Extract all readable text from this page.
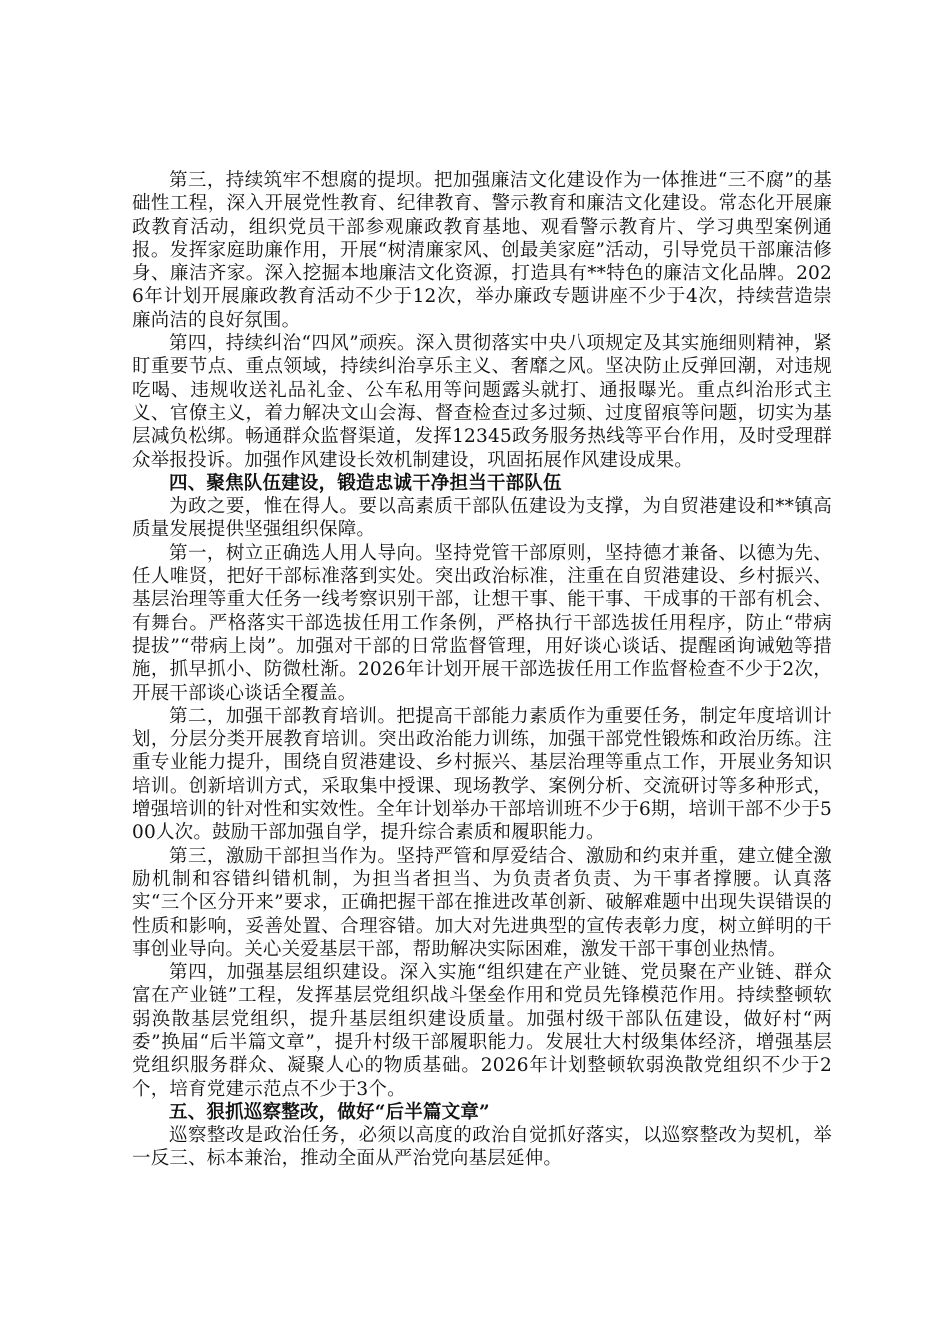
第三，持续筑牢不想腐的提坝。把加强廉洁文化建设作为一体推进“三不腐”的基础性工程，深入开展党性教育、纪律教育、警示教育和廉洁文化建设。常态化开展廉政教育活动，组织党员干部参观廉政教育基地、观看警示教育片、学习典型案例通报。发挥家庭助廉作用，开展“树清廉家风、创最美家庭”活动，引导党员干部廉洁修身、廉洁齐家。深入挖掘本地廉洁文化资源，打造具有**特色的廉洁文化品牌。2026年计划开展廉政教育活动不少于12次，举办廉政专题讲座不少于4次，持续营造崇廉尚洁的良好氛围。

第四，持续纠治“四风”顽疾。深入贯彻落实中央八项规定及其实施细则精神，紧盯重要节点、重点领域，持续纠治享乐主义、奢靡之风。坚决防止反弹回潮，对违规吃喝、违规收送礼品礼金、公车私用等问题露头就打、通报曝光。重点纠治形式主义、官僚主义，着力解决文山会海、督查检查过多过频、过度留痕等问题，切实为基层减负松绑。畅通群众监督渠道，发挥12345政务服务热线等平台作用，及时受理群众举报投诉。加强作风建设长效机制建设，巩固拓展作风建设成果。

四、聚焦队伍建设，锻造忠诚干净担当干部队伍

为政之要，惟在得人。要以高素质干部队伍建设为支撑，为自贸港建设和**镇高质量发展提供坚强组织保障。

第一，树立正确选人用人导向。坚持党管干部原则，坚持德才兼备、以德为先、任人唯贤，把好干部标准落到实处。突出政治标准，注重在自贸港建设、乡村振兴、基层治理等重大任务一线考察识别干部，让想干事、能干事、干成事的干部有机会、有舞台。严格落实干部选拔任用工作条例，严格执行干部选拔任用程序，防止“带病提拔”“带病上岗”。加强对干部的日常监督管理，用好谈心谈话、提醒函询诫勉等措施，抓早抓小、防微杜渐。2026年计划开展干部选拔任用工作监督检查不少于2次，开展干部谈心谈话全覆盖。

第二，加强干部教育培训。把提高干部能力素质作为重要任务，制定年度培训计划，分层分类开展教育培训。突出政治能力训练，加强干部党性锻炼和政治历练。注重专业能力提升，围绕自贸港建设、乡村振兴、基层治理等重点工作，开展业务知识培训。创新培训方式，采取集中授课、现场教学、案例分析、交流研讨等多种形式，增强培训的针对性和实效性。全年计划举办干部培训班不少于6期，培训干部不少于500人次。鼓励干部加强自学，提升综合素质和履职能力。

第三，激励干部担当作为。坚持严管和厚爱结合、激励和约束并重，建立健全激励机制和容错纠错机制，为担当者担当、为负责者负责、为干事者撑腰。认真落实“三个区分开来”要求，正确把握干部在推进改革创新、破解难题中出现失误错误的性质和影响，妥善处置、合理容错。加大对先进典型的宣传表彰力度，树立鲜明的干事创业导向。关心关爱基层干部，帮助解决实际困难，激发干部干事创业热情。

第四，加强基层组织建设。深入实施“组织建在产业链、党员聚在产业链、群众富在产业链”工程，发挥基层党组织战斗堡垒作用和党员先锋模范作用。持续整顿软弱涣散基层党组织，提升基层组织建设质量。加强村级干部队伍建设，做好村“两委”换届“后半篇文章”，提升村级干部履职能力。发展壮大村级集体经济，增强基层党组织服务群众、凝聚人心的物质基础。2026年计划整顿软弱涣散党组织不少于2个，培育党建示范点不少于3个。

五、狠抓巡察整改，做好“后半篇文章”

巡察整改是政治任务，必须以高度的政治自觉抓好落实，以巡察整改为契机，举一反三、标本兼治，推动全面从严治党向基层延伸。
